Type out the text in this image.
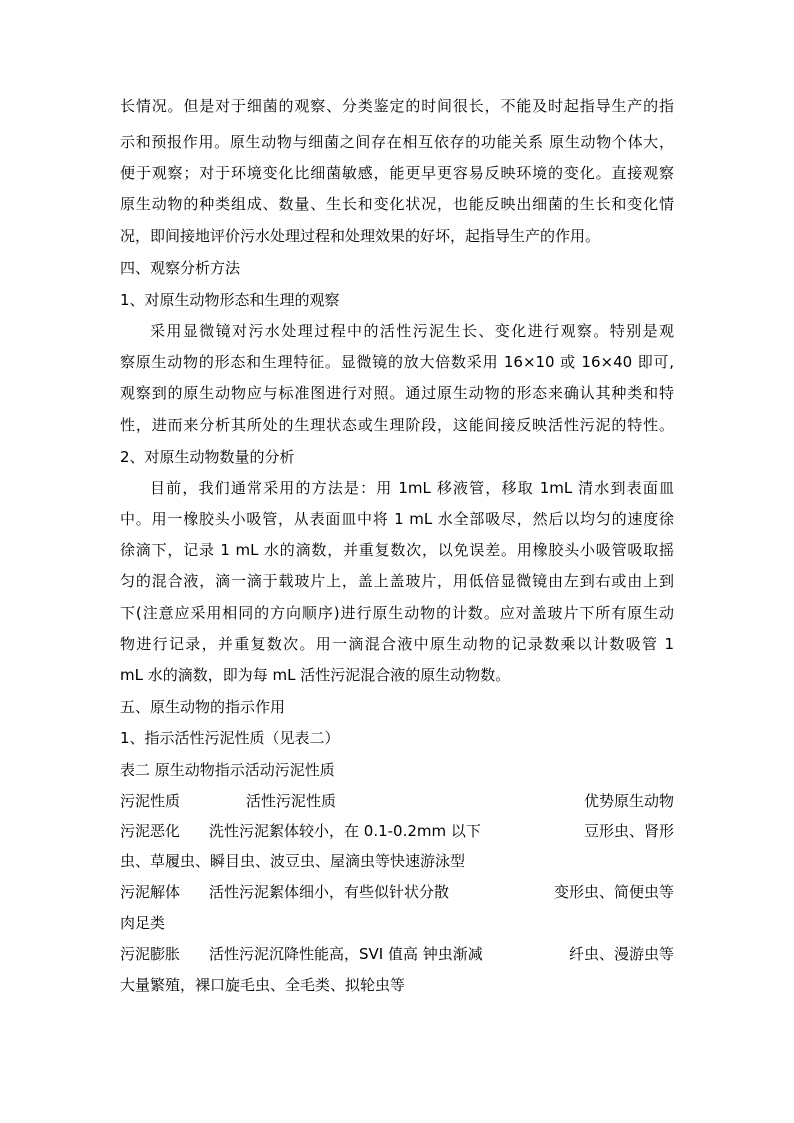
长情况。但是对于细菌的观察、分类鉴定的时间很长，不能及时起指导生产的指
示和预报作用。原生动物与细菌之间存在相互依存的功能关系 原生动物个体大，
便于观察；对于环境变化比细菌敏感，能更早更容易反映环境的变化。直接观察
原生动物的种类组成、数量、生长和变化状况，也能反映出细菌的生长和变化情
况，即间接地评价污水处理过程和处理效果的好坏，起指导生产的作用。
四、观察分析方法
1、对原生动物形态和生理的观察
采用显微镜对污水处理过程中的活性污泥生长、变化进行观察。特别是观
察原生动物的形态和生理特征。显微镜的放大倍数采用 16×10 或 16×40 即可,
观察到的原生动物应与标准图进行对照。通过原生动物的形态来确认其种类和特
性，进而来分析其所处的生理状态或生理阶段，这能间接反映活性污泥的特性。
2、对原生动物数量的分析
目前，我们通常采用的方法是：用 1mL 移液管，移取 1mL 清水到表面皿
中。用一橡胶头小吸管，从表面皿中将 1 mL 水全部吸尽，然后以均匀的速度徐
徐滴下，记录 1 mL 水的滴数，并重复数次，以免误差。用橡胶头小吸管吸取摇
匀的混合液，滴一滴于载玻片上，盖上盖玻片，用低倍显微镜由左到右或由上到
下(注意应采用相同的方向顺序)进行原生动物的计数。应对盖玻片下所有原生动
物进行记录，并重复数次。用一滴混合液中原生动物的记录数乘以计数吸管 1
mL 水的滴数，即为每 mL 活性污泥混合液的原生动物数。
五、原生动物的指示作用
1、指示活性污泥性质（见表二）
表二 原生动物指示活动污泥性质
污泥性质	活性污泥性质	优势原生动物
污泥恶化 洗性污泥絮体较小，在 0.1-0.2mm 以下	豆形虫、肾形
虫、草履虫、瞬目虫、波豆虫、屋滴虫等快速游泳型
污泥解体 活性污泥絮体细小，有些似针状分散	变形虫、简便虫等
肉足类
污泥膨胀 活性污泥沉降性能高，SVI 值高 钟虫渐减	纤虫、漫游虫等
大量繁殖，裸口旋毛虫、全毛类、拟轮虫等
